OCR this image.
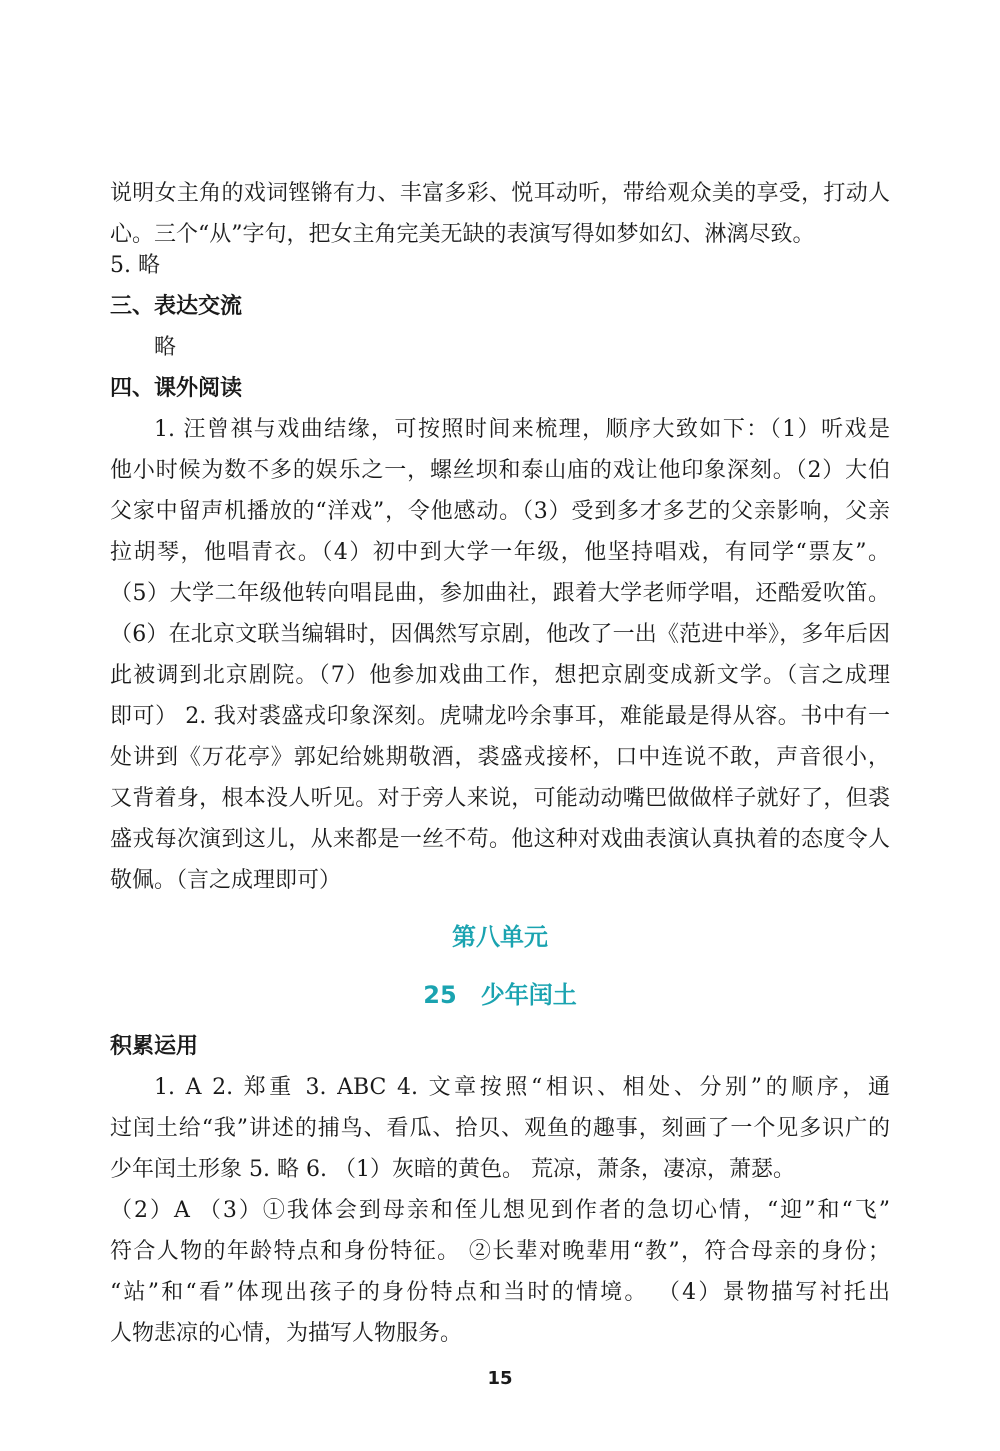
说明女主角的戏词铿锵有力、丰富多彩、悦耳动听，带给观众美的享受，打动人
心。三个“从”字句，把女主角完美无缺的表演写得如梦如幻、淋漓尽致。
5. 略
三、表达交流
略
四、课外阅读
1. 汪曾祺与戏曲结缘，可按照时间来梳理，顺序大致如下：（1）听戏是
他小时候为数不多的娱乐之一，螺丝坝和泰山庙的戏让他印象深刻。（2）大伯
父家中留声机播放的“洋戏”，令他感动。（3）受到多才多艺的父亲影响，父亲
拉胡琴，他唱青衣。（4）初中到大学一年级，他坚持唱戏，有同学“票友”。
（5）大学二年级他转向唱昆曲，参加曲社，跟着大学老师学唱，还酷爱吹笛。
（6）在北京文联当编辑时，因偶然写京剧，他改了一出《范进中举》，多年后因
此被调到北京剧院。（7）他参加戏曲工作，想把京剧变成新文学。（言之成理
即可） 2. 我对裘盛戎印象深刻。虎啸龙吟余事耳，难能最是得从容。书中有一
处讲到《万花亭》郭妃给姚期敬酒，裘盛戎接杯，口中连说不敢，声音很小，
又背着身，根本没人听见。对于旁人来说，可能动动嘴巴做做样子就好了，但裘
盛戎每次演到这儿，从来都是一丝不苟。他这种对戏曲表演认真执着的态度令人
敬佩。（言之成理即可）
第八单元
25　少年闰土
积累运用
1. A 2. 郑重 3. ABC 4. 文章按照“相识、相处、分别”的顺序，通
过闰土给“我”讲述的捕鸟、看瓜、拾贝、观鱼的趣事，刻画了一个见多识广的
少年闰土形象 5. 略 6. （1）灰暗的黄色。 荒凉，萧条，凄凉，萧瑟。
（2）A （3）①我体会到母亲和侄儿想见到作者的急切心情，“迎”和“飞”
符合人物的年龄特点和身份特征。 ②长辈对晚辈用“教”，符合母亲的身份；
“站”和“看”体现出孩子的身份特点和当时的情境。 （4）景物描写衬托出
人物悲凉的心情，为描写人物服务。
15
